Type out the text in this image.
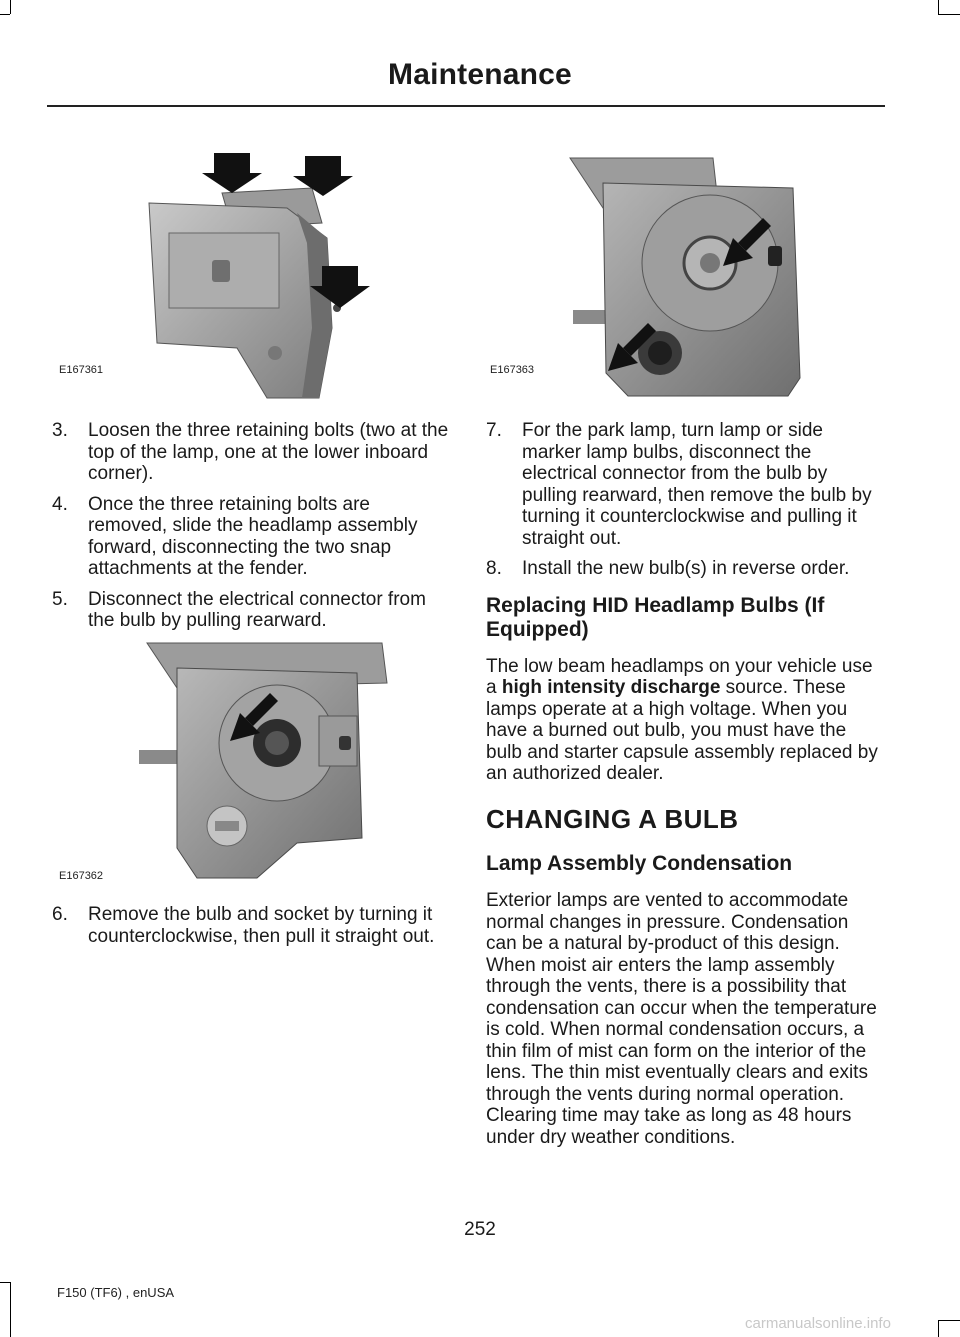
Maintenance
E167361	E167363
E167362
3.	Loosen the three retaining bolts (two at the top of the lamp, one at the lower inboard corner).
4.	Once the three retaining bolts are removed, slide the headlamp assembly forward, disconnecting the two snap attachments at the fender.
5.	Disconnect the electrical connector from the bulb by pulling rearward.
6.	Remove the bulb and socket by turning it counterclockwise, then pull it straight out.
7.	For the park lamp, turn lamp or side marker lamp bulbs, disconnect the electrical connector from the bulb by pulling rearward, then remove the bulb by turning it counterclockwise and pulling it straight out.
8.	Install the new bulb(s) in reverse order.
Replacing HID Headlamp Bulbs (If Equipped)

The low beam headlamps on your vehicle use a high intensity discharge source. These lamps operate at a high voltage. When you have a burned out bulb, you must have the bulb and starter capsule assembly replaced by an authorized dealer.

CHANGING A BULB
Lamp Assembly Condensation

Exterior lamps are vented to accommodate normal changes in pressure. Condensation can be a natural by-product of this design. When moist air enters the lamp assembly through the vents, there is a possibility that condensation can occur when the temperature is cold. When normal condensation occurs, a thin film of mist can form on the interior of the lens. The thin mist eventually clears and exits through the vents during normal operation. Clearing time may take as long as 48 hours under dry weather conditions.

252
F150 (TF6) , enUSA
carmanualsonline.info
